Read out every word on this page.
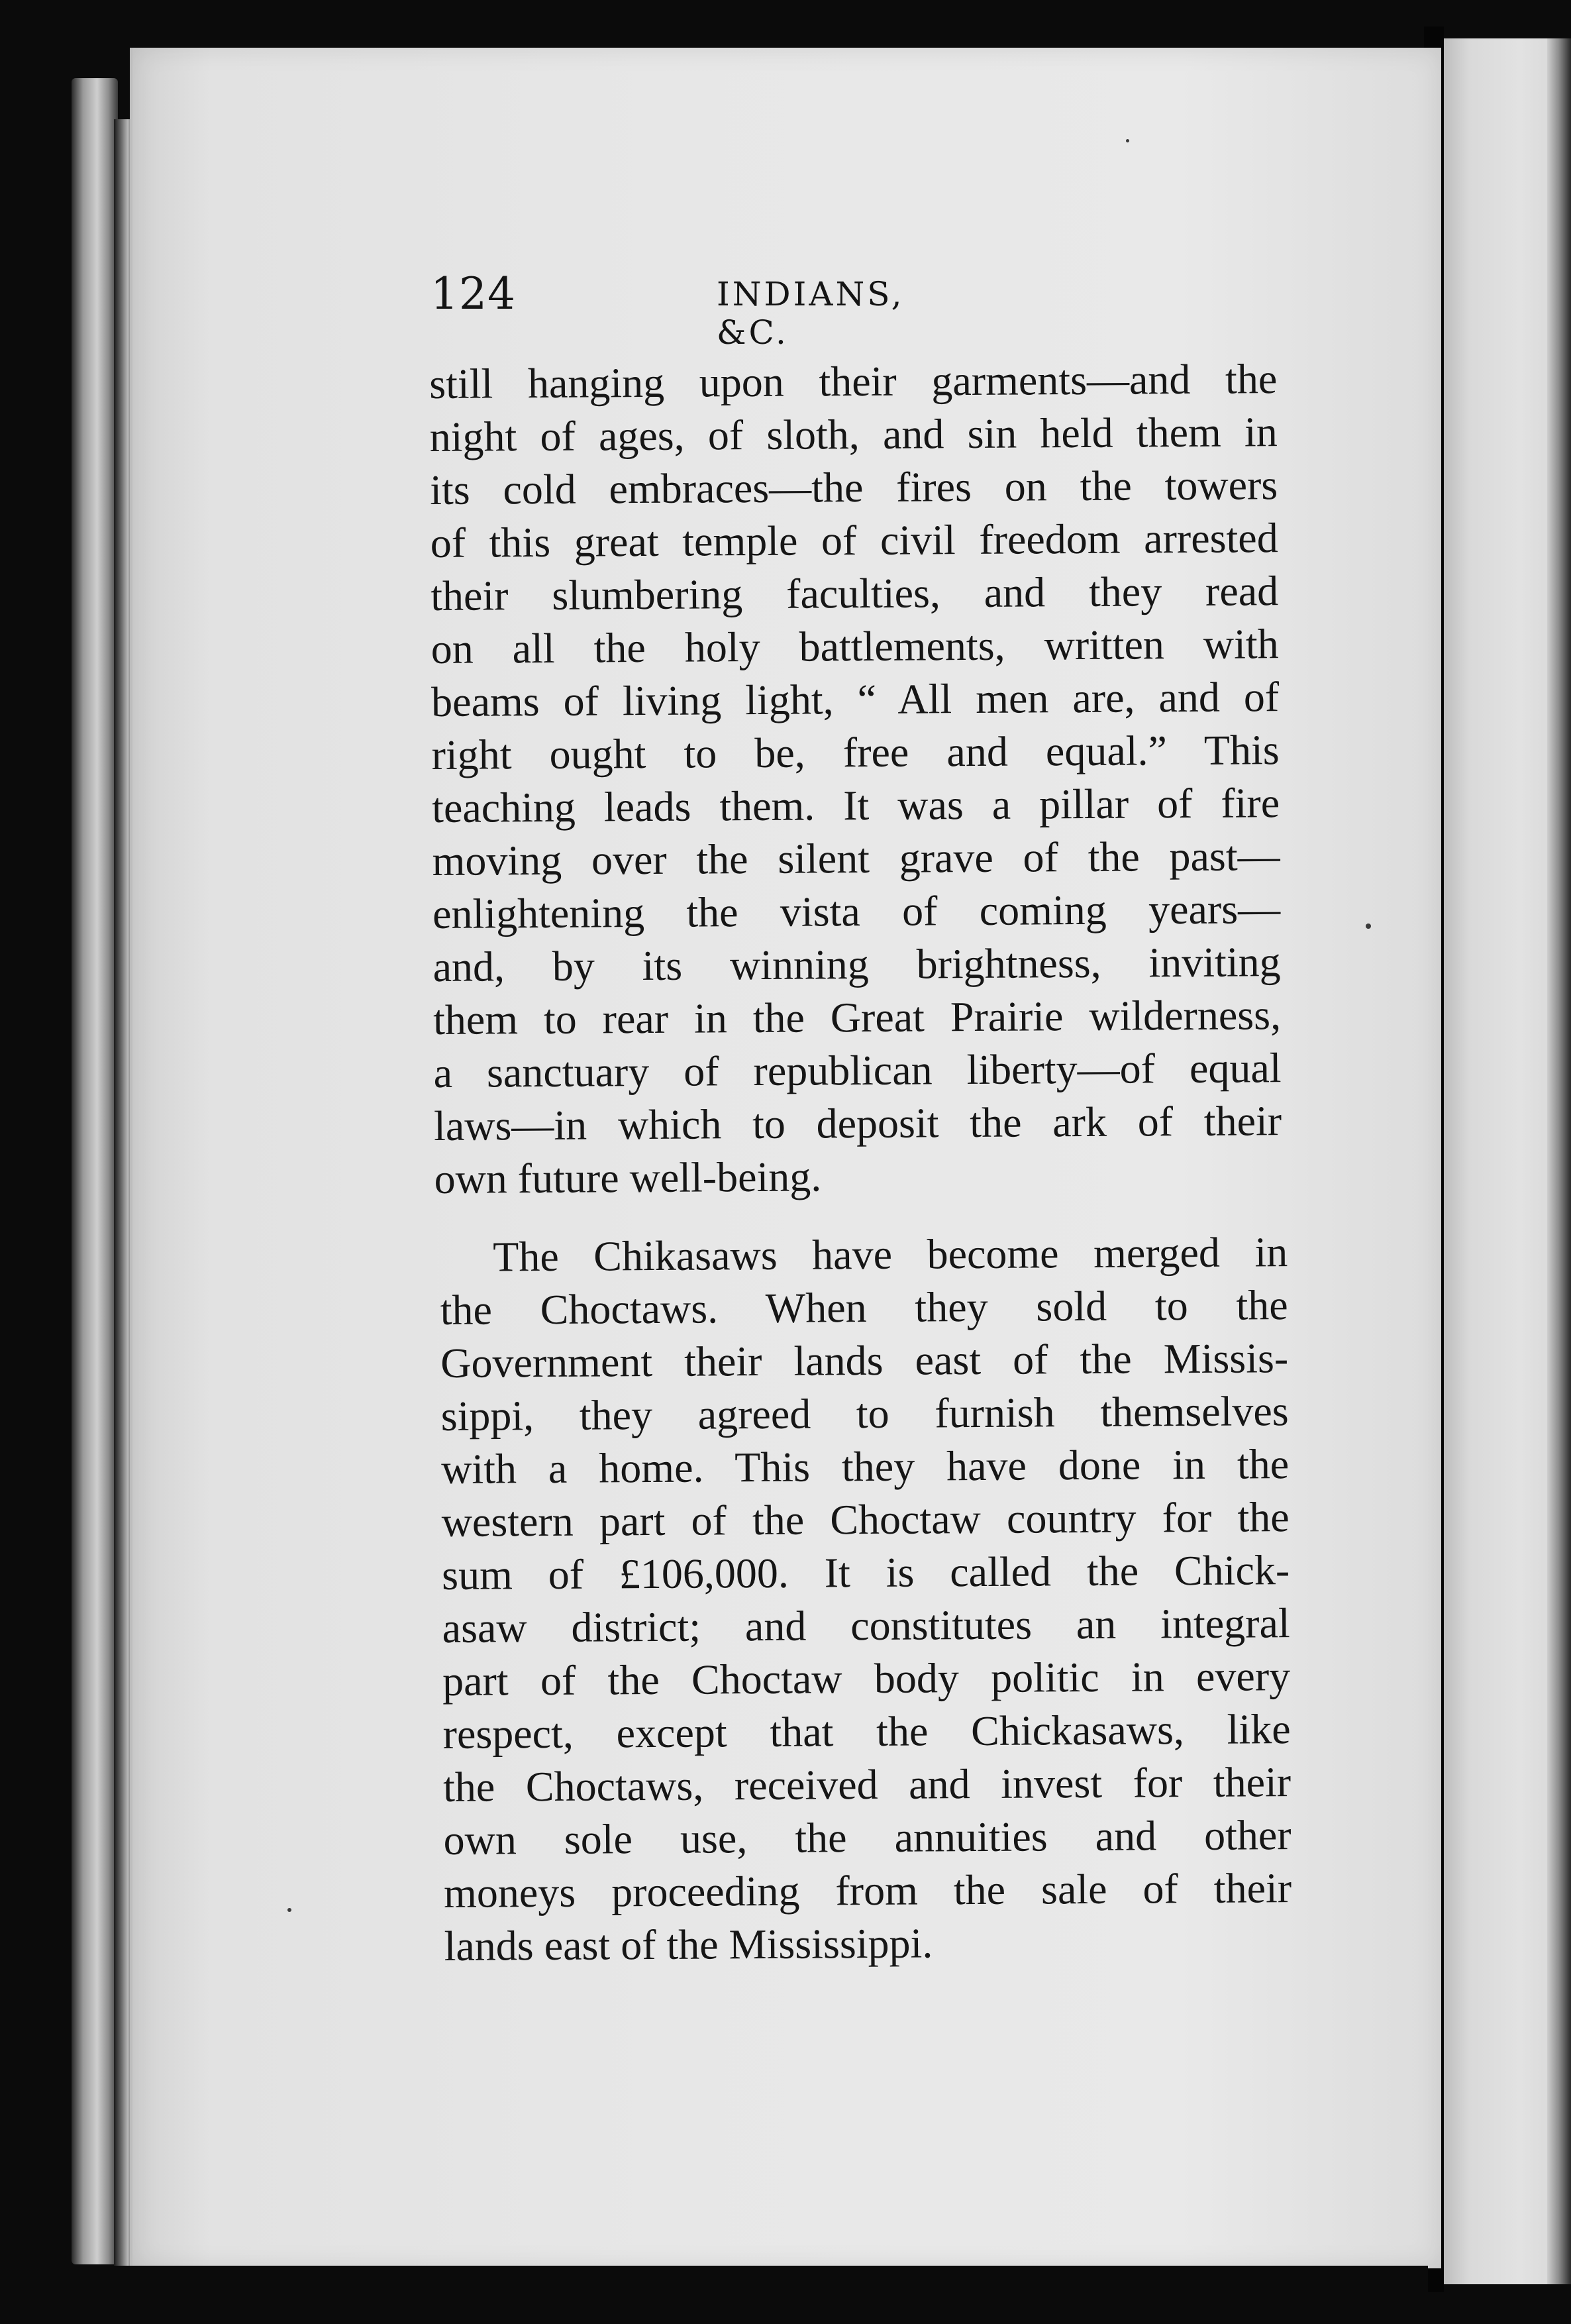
124	INDIANS, &C.
still hanging upon their garments—and the
night of ages, of sloth, and sin held them in
its cold embraces—the fires on the towers
of this great temple of civil freedom arrested
their slumbering faculties, and they read
on all the holy battlements, written with
beams of living light, “ All men are, and of
right ought to be, free and equal.” This
teaching leads them. It was a pillar of fire
moving over the silent grave of the past—
enlightening the vista of coming years—
and, by its winning brightness, inviting
them to rear in the Great Prairie wilderness,
a sanctuary of republican liberty—of equal
laws—in which to deposit the ark of their
own future well-being.
The Chikasaws have become merged in
the Choctaws. When they sold to the
Government their lands east of the Missis-
sippi, they agreed to furnish themselves
with a home. This they have done in the
western part of the Choctaw country for the
sum of £106,000. It is called the Chick-
asaw district; and constitutes an integral
part of the Choctaw body politic in every
respect, except that the Chickasaws, like
the Choctaws, received and invest for their
own sole use, the annuities and other
moneys proceeding from the sale of their
lands east of the Mississippi.
